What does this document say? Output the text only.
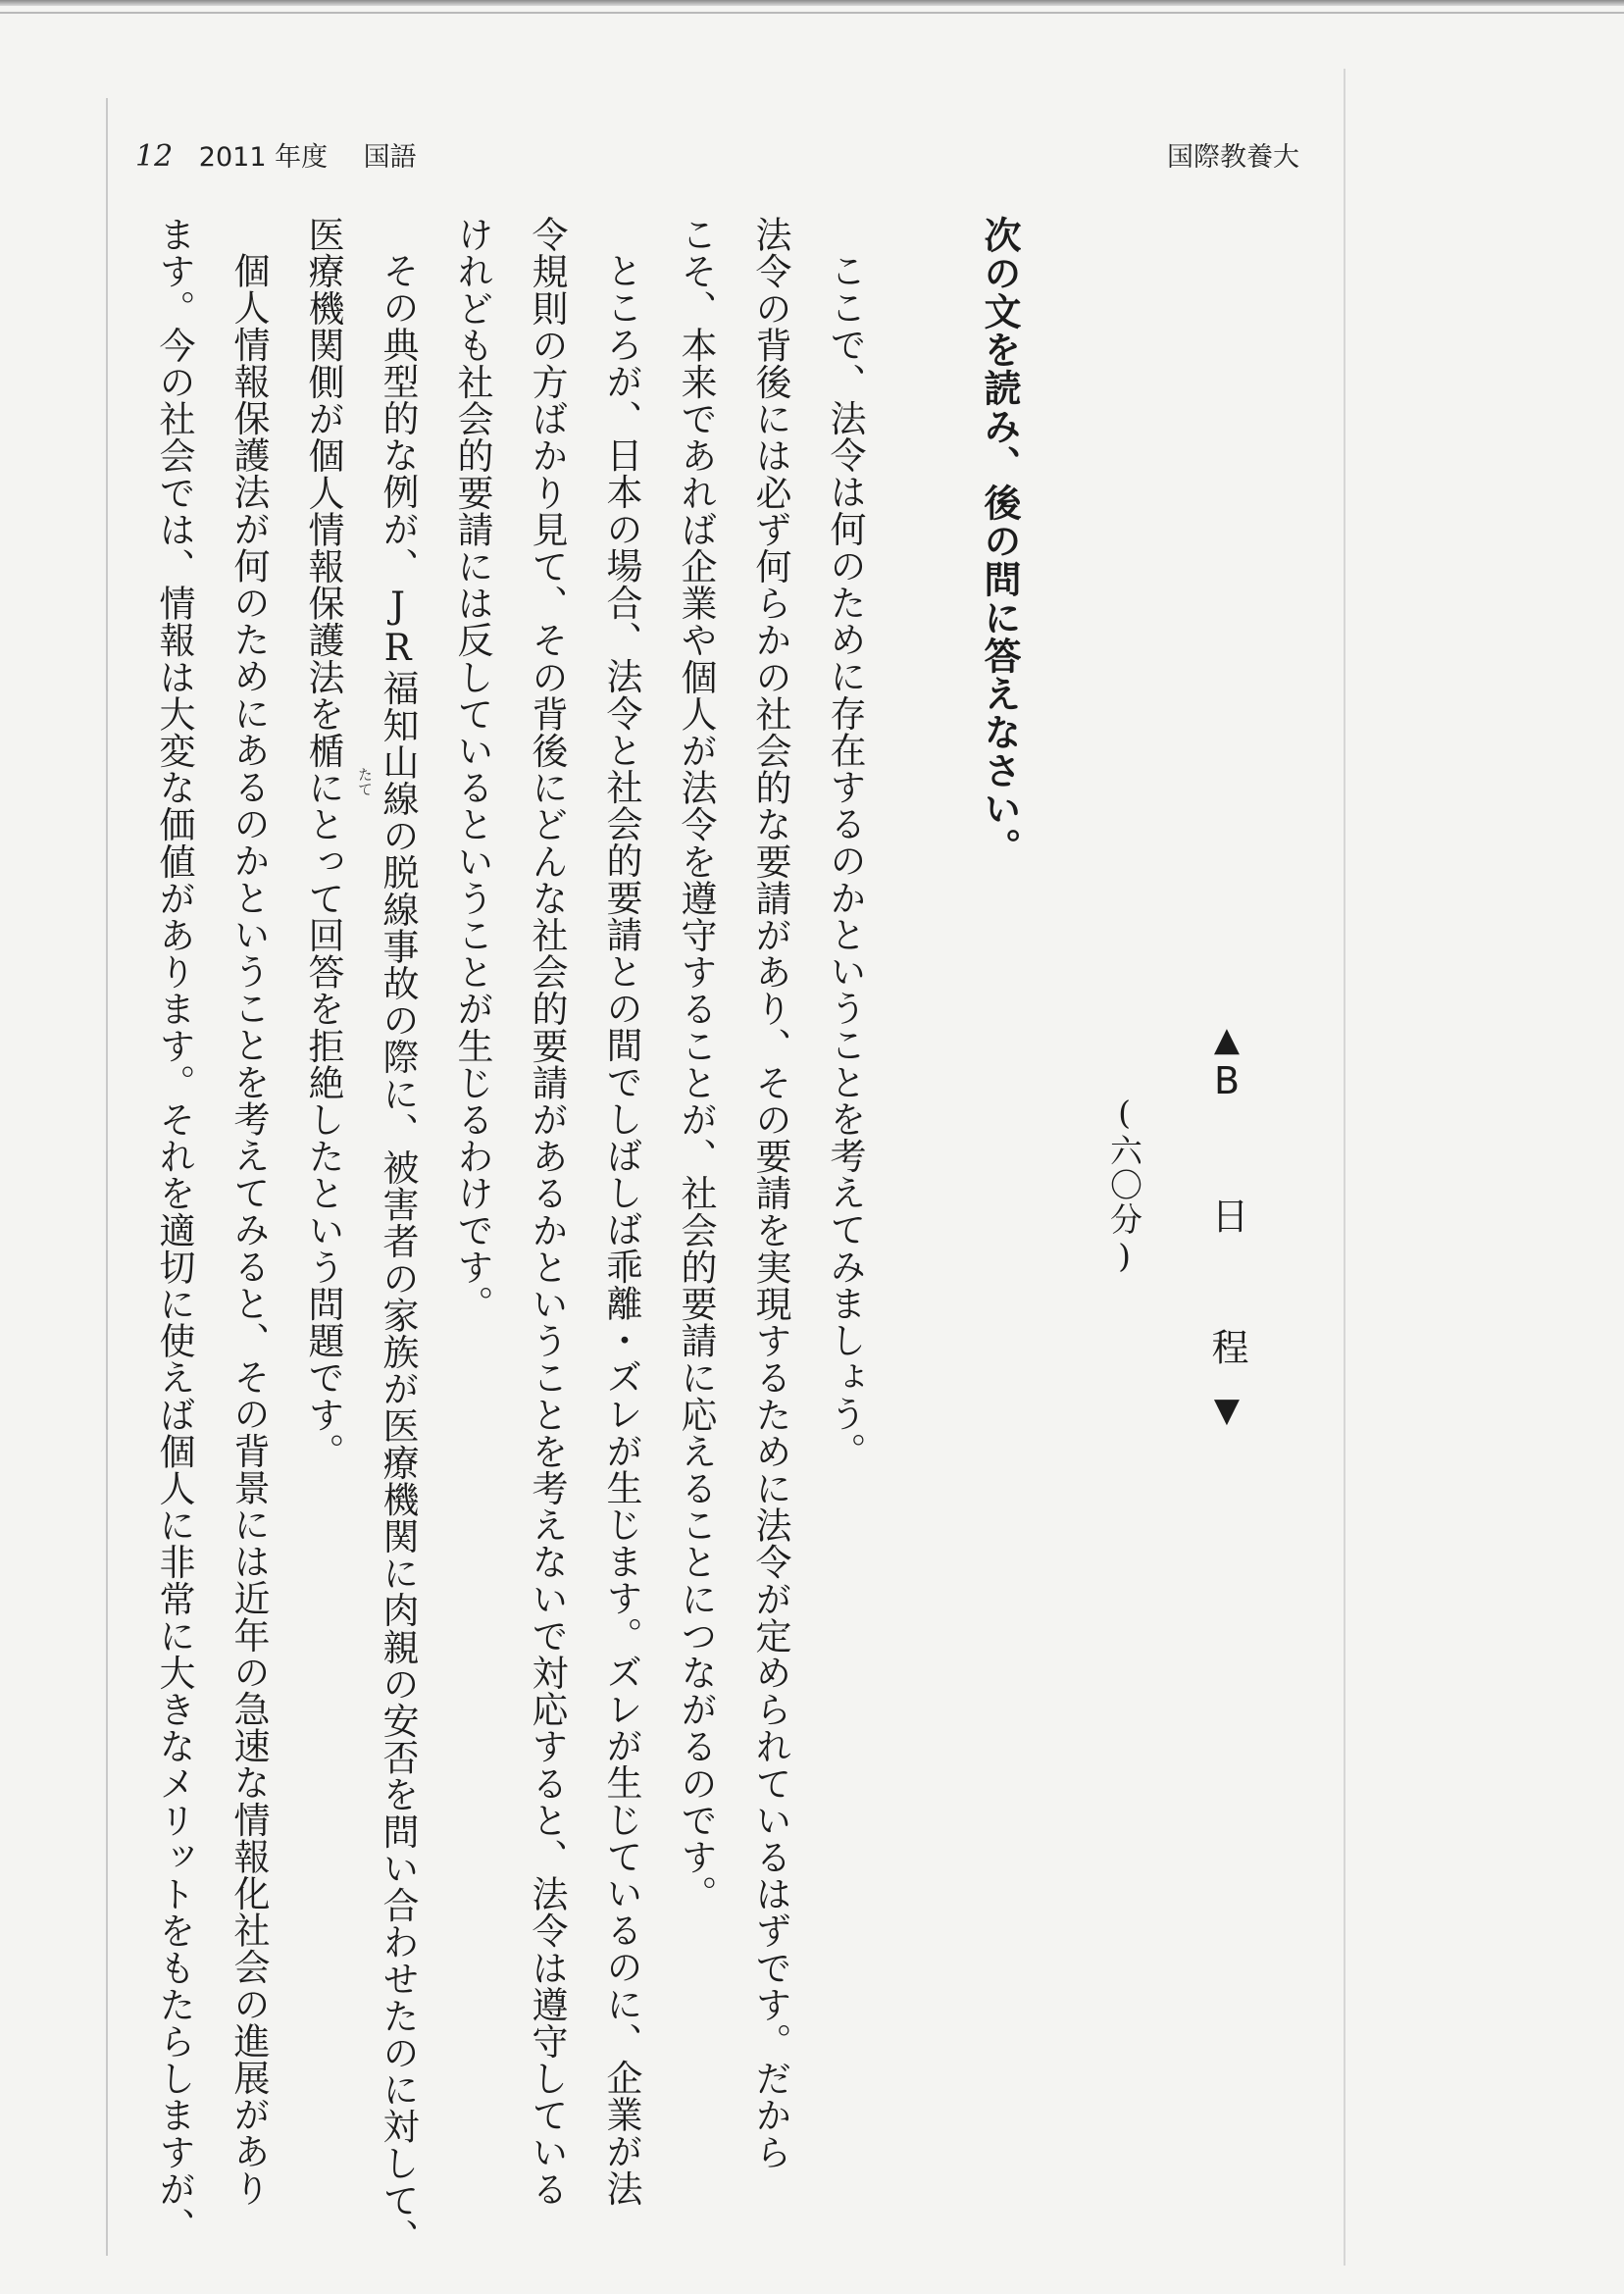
12 2011 年度 国語	国際教養大
▲B 日 程▼
(六〇分)
次の文を読み、後の問に答えなさい。
ここで、法令は何のために存在するのかということを考えてみましょう。
法令の背後には必ず何らかの社会的な要請があり、その要請を実現するために法令が定められているはずです。だから
こそ、本来であれば企業や個人が法令を遵守することが、社会的要請に応えることにつながるのです。
ところが、日本の場合、法令と社会的要請との間でしばしば乖離・ズレが生じます。ズレが生じているのに、企業が法
令規則の方ばかり見て、その背後にどんな社会的要請があるかということを考えないで対応すると、法令は遵守している
けれども社会的要請には反しているということが生じるわけです。
その典型的な例が、JR福知山線の脱線事故の際に、被害者の家族が医療機関に肉親の安否を問い合わせたのに対して、
医療機関側が個人情報保護法を楯にとって回答を拒絶したという問題です。
個人情報保護法が何のためにあるのかということを考えてみると、その背景には近年の急速な情報化社会の進展があり
ます。今の社会では、情報は大変な価値があります。それを適切に使えば個人に非常に大きなメリットをもたらしますが、	たて
